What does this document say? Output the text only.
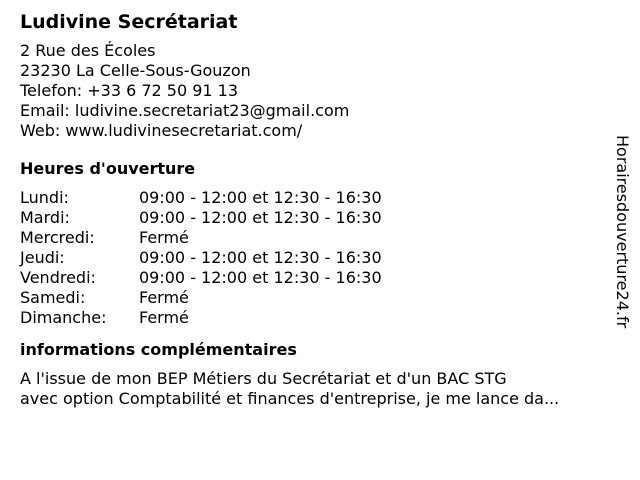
Ludivine Secrétariat
2 Rue des Écoles
23230 La Celle-Sous-Gouzon
Telefon: +33 6 72 50 91 13
Email: ludivine.secretariat23@gmail.com
Web: www.ludivinesecretariat.com/
Heures d'ouverture
Lundi:	09:00 - 12:00 et 12:30 - 16:30
Mardi:	09:00 - 12:00 et 12:30 - 16:30
Mercredi:	Fermé
Jeudi:	09:00 - 12:00 et 12:30 - 16:30
Vendredi:	09:00 - 12:00 et 12:30 - 16:30
Samedi:	Fermé
Dimanche:	Fermé
informations complémentaires
A l'issue de mon BEP Métiers du Secrétariat et d'un BAC STG
avec option Comptabilité et finances d'entreprise, je me lance da...
Horairesdouverture24.fr
